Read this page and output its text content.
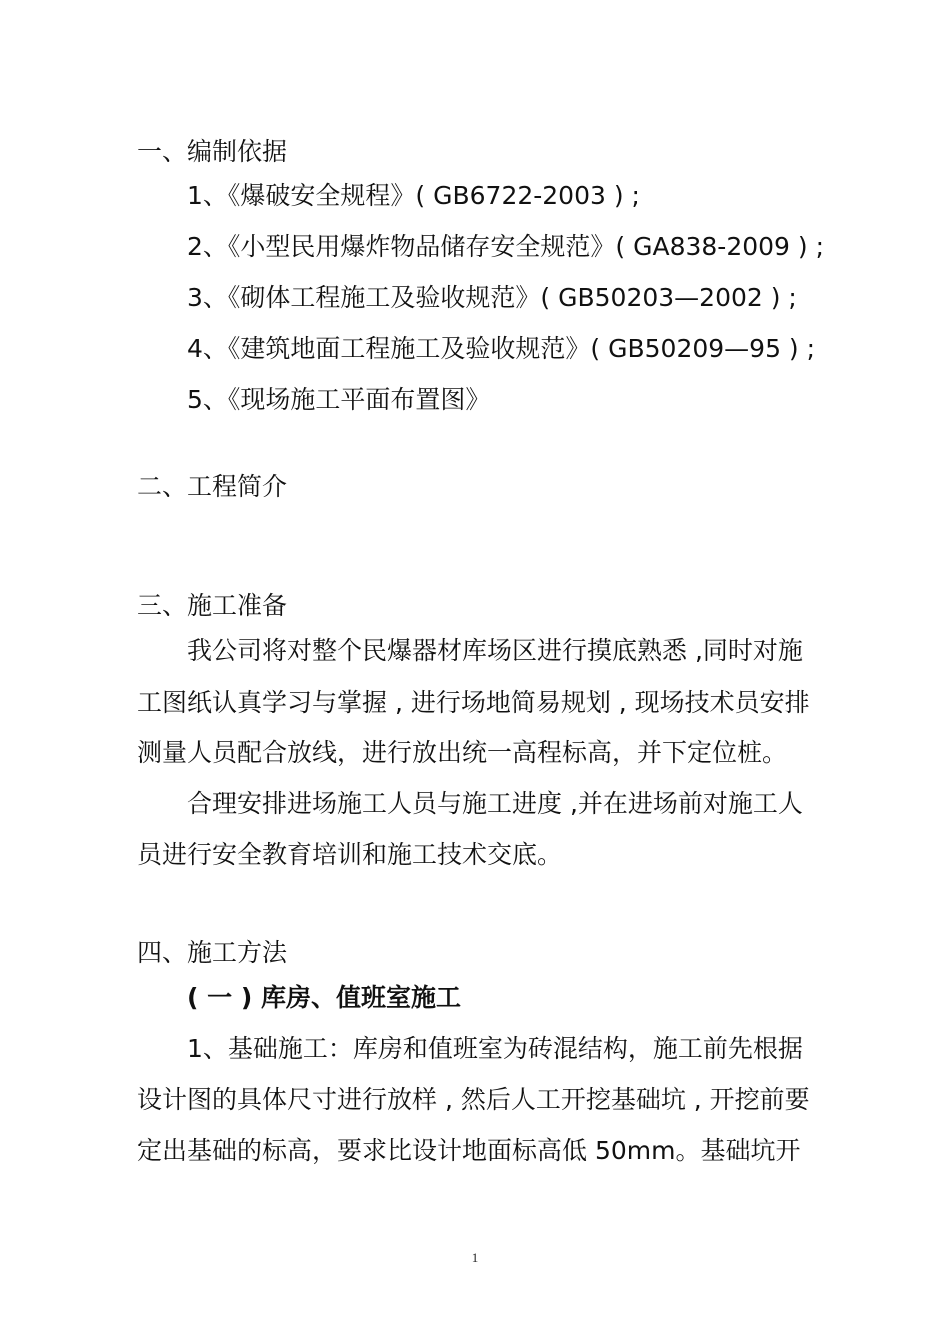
一、编制依据

1、《爆破安全规程》( GB6722-2003 ) ;

2、《小型民用爆炸物品储存安全规范》( GA838-2009 ) ;

3、《砌体工程施工及验收规范》( GB50203—2002 ) ;

4、《建筑地面工程施工及验收规范》( GB50209—95 ) ;

5、《现场施工平面布置图》

二、工程简介

三、施工准备

我公司将对整个民爆器材库场区进行摸底熟悉 ,同时对施

工图纸认真学习与掌握 , 进行场地简易规划 , 现场技术员安排

测量人员配合放线，进行放出统一高程标高，并下定位桩。

合理安排进场施工人员与施工进度 ,并在进场前对施工人

员进行安全教育培训和施工技术交底。

四、施工方法

( 一 ) 库房、值班室施工

1、基础施工：库房和值班室为砖混结构，施工前先根据

设计图的具体尺寸进行放样 , 然后人工开挖基础坑 , 开挖前要

定出基础的标高，要求比设计地面标高低 50mm。基础坑开

1
